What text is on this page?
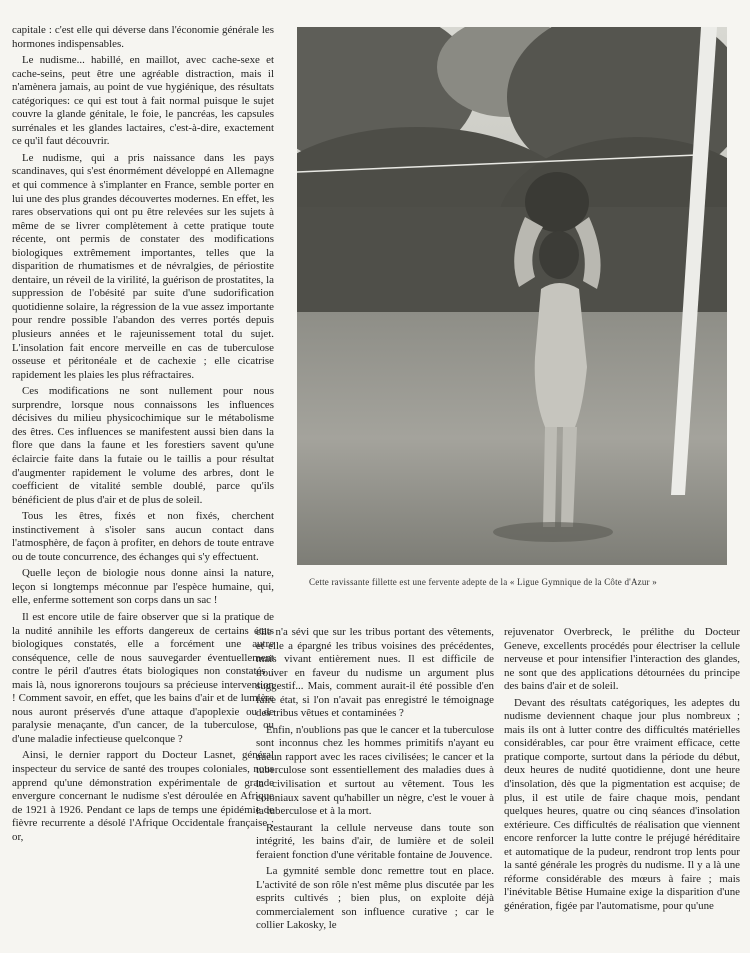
capitale : c'est elle qui déverse dans l'économie générale les hormones indispensables.

Le nudisme... habillé, en maillot, avec cache-sexe et cache-seins, peut être une agréable distraction, mais il n'amènera jamais, au point de vue hygiénique, des résultats catégoriques: ce qui est tout à fait normal puisque le sujet couvre la glande génitale, le foie, le pancréas, les capsules surrénales et les glandes lactaires, c'est-à-dire, exactement ce qu'il faut découvrir.

Le nudisme, qui a pris naissance dans les pays scandinaves, qui s'est énormément développé en Allemagne et qui commence à s'implanter en France, semble porter en lui une des plus grandes découvertes modernes. En effet, les rares observations qui ont pu être relevées sur les sujets à même de se livrer complètement à cette pratique toute récente, ont permis de constater des modifications biologiques extrêmement importantes, telles que la disparition de rhumatismes et de névralgies, de périostite dentaire, un réveil de la virilité, la guérison de prostatites, la suppression de l'obésité par suite d'une sudorification quotidienne solaire, la régression de la vue assez importante pour rendre possible l'abandon des verres portés depuis plusieurs années et le rajeunissement total du sujet. L'insolation fait encore merveille en cas de tuberculose osseuse et péritonéale et de cachexie ; elle cicatrise rapidement les plaies les plus réfractaires.

Ces modifications ne sont nullement pour nous surprendre, lorsque nous connaissons les influences décisives du milieu physicochimique sur le métabolisme des êtres. Ces influences se manifestent aussi bien dans la flore que dans la faune et les forestiers savent qu'une éclaircie faite dans la futaie ou le taillis a pour résultat d'augmenter rapidement le volume des arbres, dont le coefficient de vitalité semble doublé, parce qu'ils bénéficient de plus d'air et de plus de soleil.

Tous les êtres, fixés et non fixés, cherchent instinctivement à s'isoler sans aucun contact dans l'atmosphère, de façon à profiter, en dehors de toute entrave ou de toute concurrence, des échanges qui s'y effectuent.

Quelle leçon de biologie nous donne ainsi la nature, leçon si longtemps méconnue par l'espèce humaine, qui, elle, enferme sottement son corps dans un sac !

Il est encore utile de faire observer que si la pratique de la nudité annihile les efforts dangereux de certains états biologiques constatés, elle a forcément une autre conséquence, celle de nous sauvegarder éventuellement contre le péril d'autres états biologiques non constatés ; mais là, nous ignorerons toujours sa précieuse intervention ! Comment savoir, en effet, que les bains d'air et de lumière nous auront préservés d'une attaque d'apoplexie ou de paralysie menaçante, d'un cancer, de la tuberculose, ou d'une maladie infectieuse quelconque ?

Ainsi, le dernier rapport du Docteur Lasnet, général inspecteur du service de santé des troupes coloniales, nous apprend qu'une démonstration expérimentale de grande envergure concernant le nudisme s'est déroulée en Afrique de 1921 à 1926. Pendant ce laps de temps une épidémie de fièvre recurrente a désolé l'Afrique Occidentale française ; or,

Cette ravissante fillette est une fervente adepte de la « Ligue Gymnique de la Côte d'Azur »

elle n'a sévi que sur les tribus portant des vêtements, et elle a épargné les tribus voisines des précédentes, mais vivant entièrement nues. Il est difficile de trouver en faveur du nudisme un argument plus suggestif... Mais, comment aurait-il été possible d'en faire état, si l'on n'avait pas enregistré le témoignage des tribus vêtues et contaminées ?

Enfin, n'oublions pas que le cancer et la tuberculose sont inconnus chez les hommes primitifs n'ayant eu aucun rapport avec les races civilisées; le cancer et la tuberculose sont essentiellement des maladies dues à la civilisation et surtout au vêtement. Tous les coloniaux savent qu'habiller un nègre, c'est le vouer à la tuberculose et à la mort.

Restaurant la cellule nerveuse dans toute son intégrité, les bains d'air, de lumière et de soleil feraient fonction d'une véritable fontaine de Jouvence.

La gymnité semble donc remettre tout en place. L'activité de son rôle n'est même plus discutée par les esprits cultivés ; bien plus, on exploite déjà commercialement son influence curative ; car le collier Lakosky, le

rejuvenator Overbreck, le prélithe du Docteur Geneve, excellents procédés pour électriser la cellule nerveuse et pour intensifier l'interaction des glandes, ne sont que des applications détournées du principe des bains d'air et de soleil.

Devant des résultats catégoriques, les adeptes du nudisme deviennent chaque jour plus nombreux ; mais ils ont à lutter contre des difficultés matérielles considérables, car pour être vraiment efficace, cette pratique comporte, surtout dans la période du début, deux heures de nudité quotidienne, dont une heure d'insolation, dès que la pigmentation est acquise; de plus, il est utile de faire chaque mois, pendant quelques heures, quatre ou cinq séances d'insolation extérieure. Ces difficultés de réalisation que viennent encore renforcer la lutte contre le préjugé héréditaire et automatique de la pudeur, rendront trop lents pour la santé générale les progrès du nudisme. Il y a là une réforme considérable des mœurs à faire ; mais l'inévitable Bêtise Humaine exige la disparition d'une génération, figée par l'automatisme, pour qu'une
